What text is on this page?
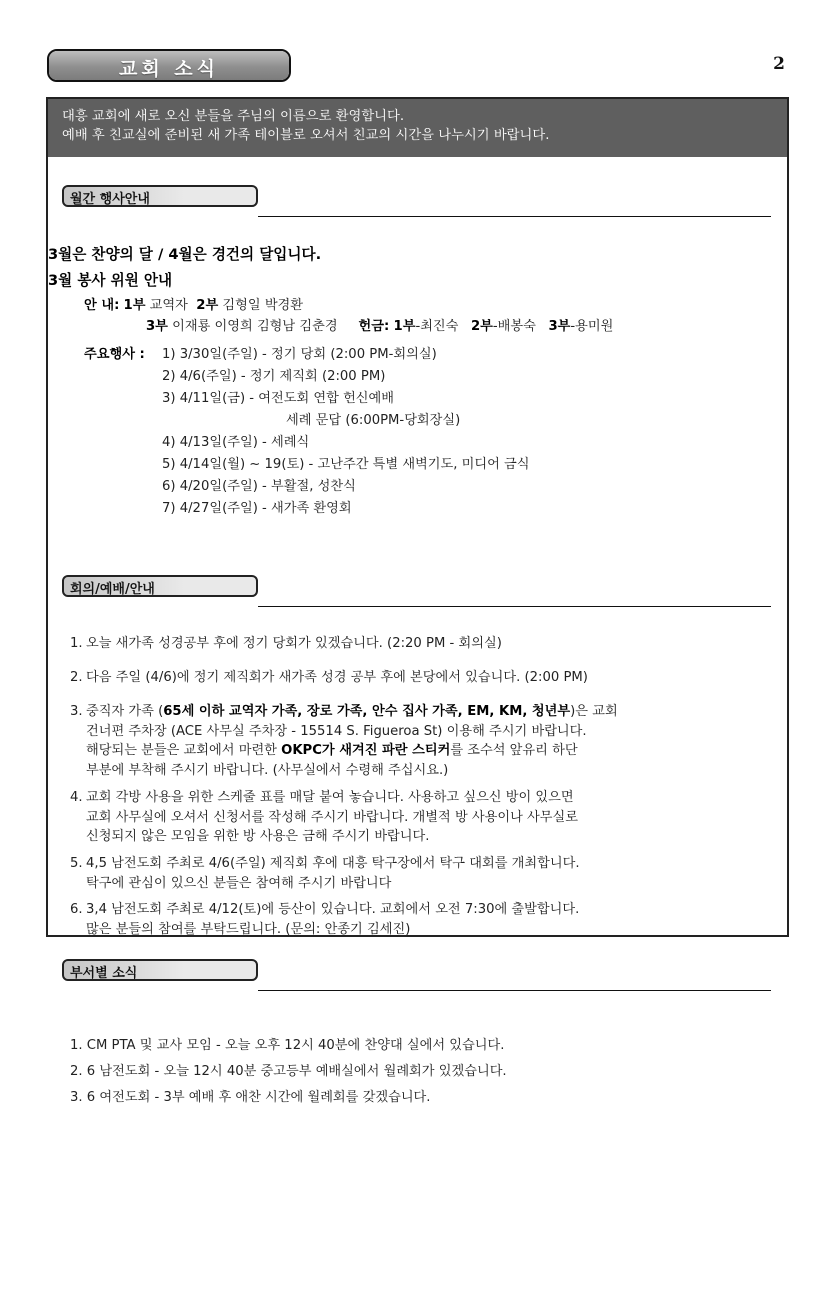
교회 소식	2
대흥 교회에 새로 오신 분들을 주님의 이름으로 환영합니다.
예배 후 친교실에 준비된 새 가족 테이블로 오셔서 친교의 시간을 나누시기 바랍니다.
월간 행사안내
3월은 찬양의 달 / 4월은 경건의 달입니다.
3월 봉사 위원 안내
안 내: 1부 교역자 2부 김형일 박경환
3부 이재룡 이영희 김형남 김춘경 헌금: 1부-최진숙 2부-배봉숙 3부-용미원
주요행사 : 1) 3/30일(주일) - 정기 당회 (2:00 PM-회의실)
2) 4/6(주일) - 정기 제직회 (2:00 PM)
3) 4/11일(금) - 여전도회 연합 헌신예배
세례 문답 (6:00PM-당회장실)
4) 4/13일(주일) - 세례식
5) 4/14일(월) ~ 19(토) - 고난주간 특별 새벽기도, 미디어 금식
6) 4/20일(주일) - 부활절, 성찬식
7) 4/27일(주일) - 새가족 환영회
회의/예배/안내
1. 오늘 새가족 성경공부 후에 정기 당회가 있겠습니다. (2:20 PM - 회의실)
2. 다음 주일 (4/6)에 정기 제직회가 새가족 성경 공부 후에 본당에서 있습니다. (2:00 PM)
3. 중직자 가족 (65세 이하 교역자 가족, 장로 가족, 안수 집사 가족, EM, KM, 청년부)은 교회
건너편 주차장 (ACE 사무실 주차장 - 15514 S. Figueroa St) 이용해 주시기 바랍니다.
해당되는 분들은 교회에서 마련한 OKPC가 새겨진 파란 스티커를 조수석 앞유리 하단
부분에 부착해 주시기 바랍니다. (사무실에서 수령해 주십시요.)
4. 교회 각방 사용을 위한 스케줄 표를 매달 붙여 놓습니다. 사용하고 싶으신 방이 있으면
교회 사무실에 오셔서 신청서를 작성해 주시기 바랍니다. 개별적 방 사용이나 사무실로
신청되지 않은 모임을 위한 방 사용은 금해 주시기 바랍니다.
5. 4,5 남전도회 주최로 4/6(주일) 제직회 후에 대흥 탁구장에서 탁구 대회를 개최합니다.
탁구에 관심이 있으신 분들은 참여해 주시기 바랍니다
6. 3,4 남전도회 주최로 4/12(토)에 등산이 있습니다. 교회에서 오전 7:30에 출발합니다.
많은 분들의 참여를 부탁드립니다. (문의: 안종기 김세진)
부서별 소식
1. CM PTA 및 교사 모임 - 오늘 오후 12시 40분에 찬양대 실에서 있습니다.
2. 6 남전도회 - 오늘 12시 40분 중고등부 예배실에서 월례회가 있겠습니다.
3. 6 여전도회 - 3부 예배 후 애찬 시간에 월례회를 갖겠습니다.
